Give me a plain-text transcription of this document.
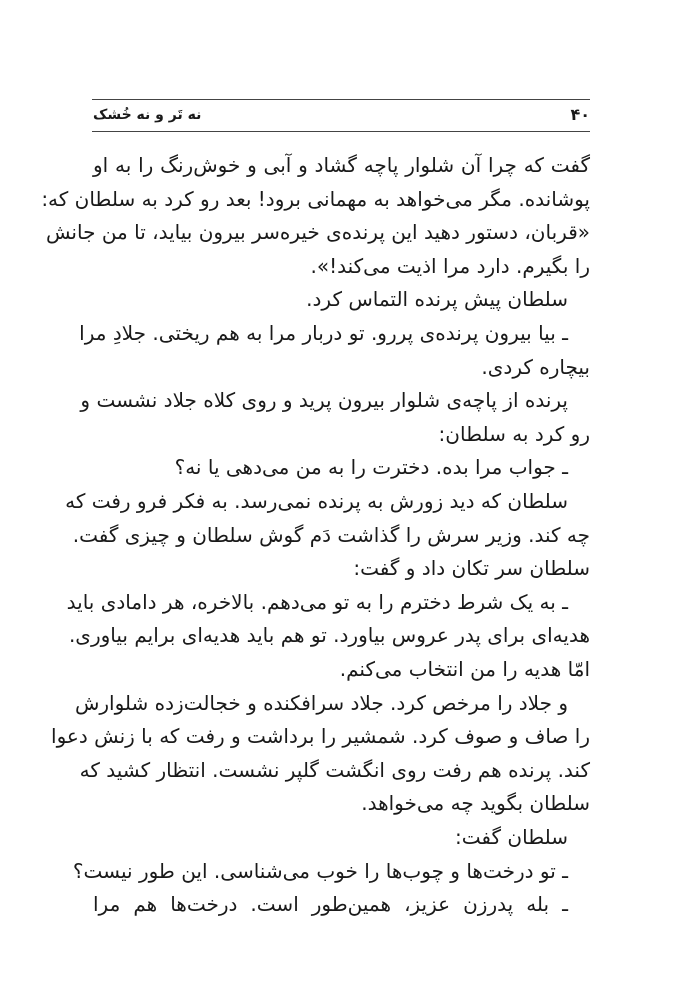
۴۰
نه تَر و نه خُشک
گفت که چرا آن شلوار پاچه گشاد و آبی و خوش‌رنگ را به او
پوشانده. مگر می‌خواهد به مهمانی برود! بعد رو کرد به سلطان که:
«قربان، دستور دهید این پرنده‌ی خیره‌سر بیرون بیاید، تا من جانش
را بگیرم. دارد مرا اذیت می‌کند!».
سلطان پیش پرنده التماس کرد.
ـ بیا بیرون پرنده‌ی پررو. تو دربار مرا به هم ریختی. جلادِ مرا
بیچاره کردی.
پرنده از پاچه‌ی شلوار بیرون پرید و روی کلاه جلاد نشست و
رو کرد به سلطان:
ـ جواب مرا بده. دخترت را به من می‌دهی یا نه؟
سلطان که دید زورش به پرنده نمی‌رسد. به فکر فرو رفت که
چه کند. وزیر سرش را گذاشت دَم گوش سلطان و چیزی گفت.
سلطان سر تکان داد و گفت:
ـ به یک شرط دخترم را به تو می‌دهم. بالاخره، هر دامادی باید
هدیه‌ای برای پدر عروس بیاورد. تو هم باید هدیه‌ای برایم بیاوری.
امّا هدیه را من انتخاب می‌کنم.
و جلاد را مرخص کرد. جلاد سرافکنده و خجالت‌زده شلوارش
را صاف و صوف کرد. شمشیر را برداشت و رفت که با زنش دعوا
کند. پرنده هم رفت روی انگشت گلپر نشست. انتظار کشید که
سلطان بگوید چه می‌خواهد.
سلطان گفت:
ـ تو درخت‌ها و چوب‌ها را خوب می‌شناسی. این طور نیست؟
ـ بله پدرزن عزیز، همین‌طور است. درخت‌ها هم مرا
